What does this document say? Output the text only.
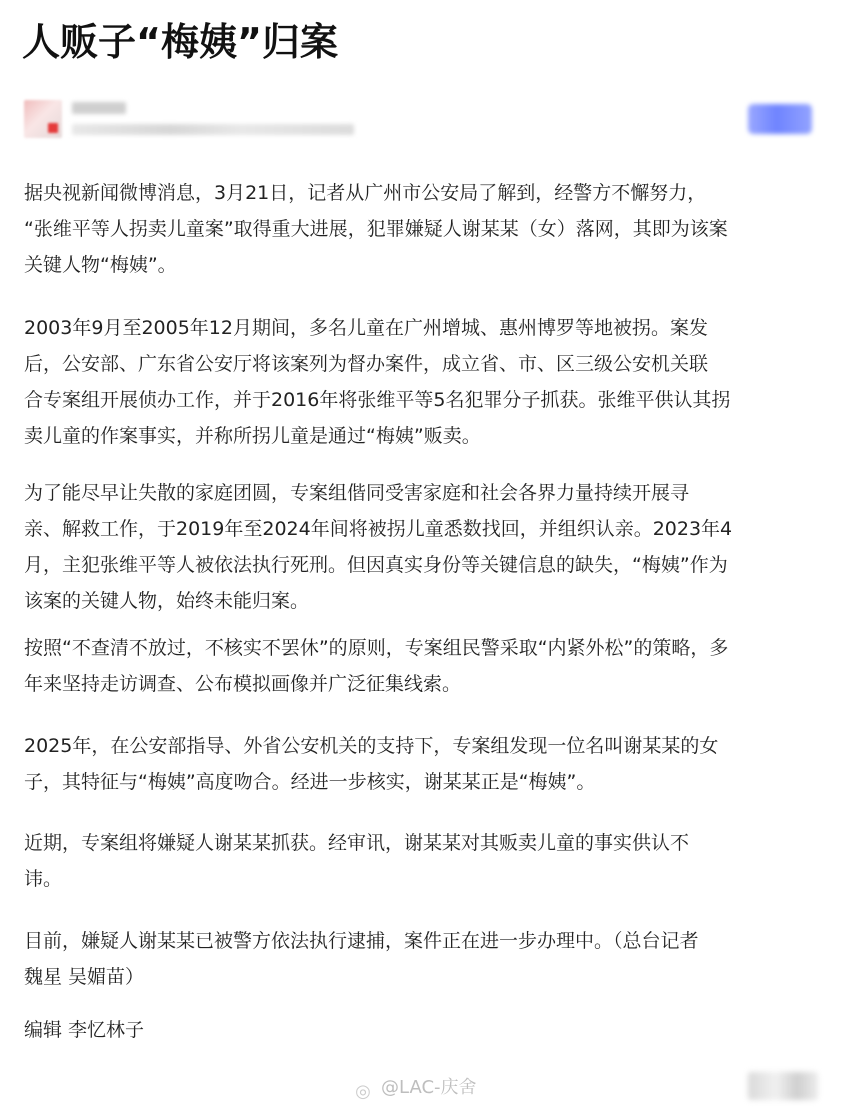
人贩子“梅姨”归案

据央视新闻微博消息，3月21日，记者从广州市公安局了解到，经警方不懈努力，
“张维平等人拐卖儿童案”取得重大进展，犯罪嫌疑人谢某某（女）落网，其即为该案
关键人物“梅姨”。

2003年9月至2005年12月期间，多名儿童在广州增城、惠州博罗等地被拐。案发
后，公安部、广东省公安厅将该案列为督办案件，成立省、市、区三级公安机关联
合专案组开展侦办工作，并于2016年将张维平等5名犯罪分子抓获。张维平供认其拐
卖儿童的作案事实，并称所拐儿童是通过“梅姨”贩卖。

为了能尽早让失散的家庭团圆，专案组偕同受害家庭和社会各界力量持续开展寻
亲、解救工作，于2019年至2024年间将被拐儿童悉数找回，并组织认亲。2023年4
月，主犯张维平等人被依法执行死刑。但因真实身份等关键信息的缺失，“梅姨”作为
该案的关键人物，始终未能归案。

按照“不查清不放过，不核实不罢休”的原则，专案组民警采取“内紧外松”的策略，多
年来坚持走访调查、公布模拟画像并广泛征集线索。

2025年，在公安部指导、外省公安机关的支持下，专案组发现一位名叫谢某某的女
子，其特征与“梅姨”高度吻合。经进一步核实，谢某某正是“梅姨”。

近期，专案组将嫌疑人谢某某抓获。经审讯，谢某某对其贩卖儿童的事实供认不
讳。

目前，嫌疑人谢某某已被警方依法执行逮捕，案件正在进一步办理中。（总台记者
魏星 吴媚苗）

编辑 李忆林子
◎ @LAC-庆舍
